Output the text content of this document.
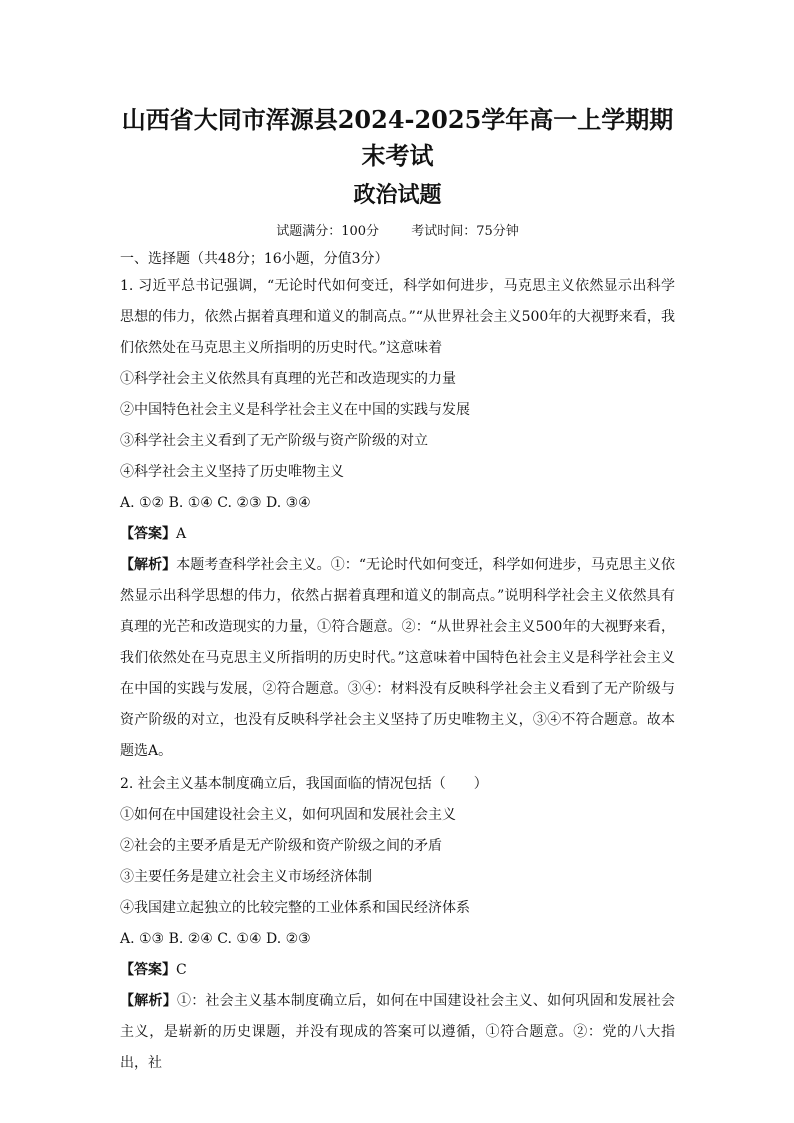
山西省大同市浑源县2024-2025学年高一上学期期末考试
政治试题
试题满分：100分 考试时间：75分钟
一、选择题（共48分；16小题，分值3分）

1. 习近平总书记强调，“无论时代如何变迁，科学如何进步，马克思主义依然显示出科学思想的伟力，依然占据着真理和道义的制高点。”“从世界社会主义500年的大视野来看，我们依然处在马克思主义所指明的历史时代。”这意味着

①科学社会主义依然具有真理的光芒和改造现实的力量

②中国特色社会主义是科学社会主义在中国的实践与发展

③科学社会主义看到了无产阶级与资产阶级的对立

④科学社会主义坚持了历史唯物主义

A. ①② B. ①④ C. ②③ D. ③④

【答案】A

【解析】本题考查科学社会主义。①：“无论时代如何变迁，科学如何进步，马克思主义依然显示出科学思想的伟力，依然占据着真理和道义的制高点。”说明科学社会主义依然具有真理的光芒和改造现实的力量，①符合题意。②：“从世界社会主义500年的大视野来看，我们依然处在马克思主义所指明的历史时代。”这意味着中国特色社会主义是科学社会主义在中国的实践与发展，②符合题意。③④：材料没有反映科学社会主义看到了无产阶级与资产阶级的对立，也没有反映科学社会主义坚持了历史唯物主义，③④不符合题意。故本题选A。

2. 社会主义基本制度确立后，我国面临的情况包括（　　）

①如何在中国建设社会主义，如何巩固和发展社会主义

②社会的主要矛盾是无产阶级和资产阶级之间的矛盾

③主要任务是建立社会主义市场经济体制

④我国建立起独立的比较完整的工业体系和国民经济体系

A. ①③ B. ②④ C. ①④ D. ②③

【答案】C

【解析】①：社会主义基本制度确立后，如何在中国建设社会主义、如何巩固和发展社会主义，是崭新的历史课题，并没有现成的答案可以遵循，①符合题意。②：党的八大指出，社
